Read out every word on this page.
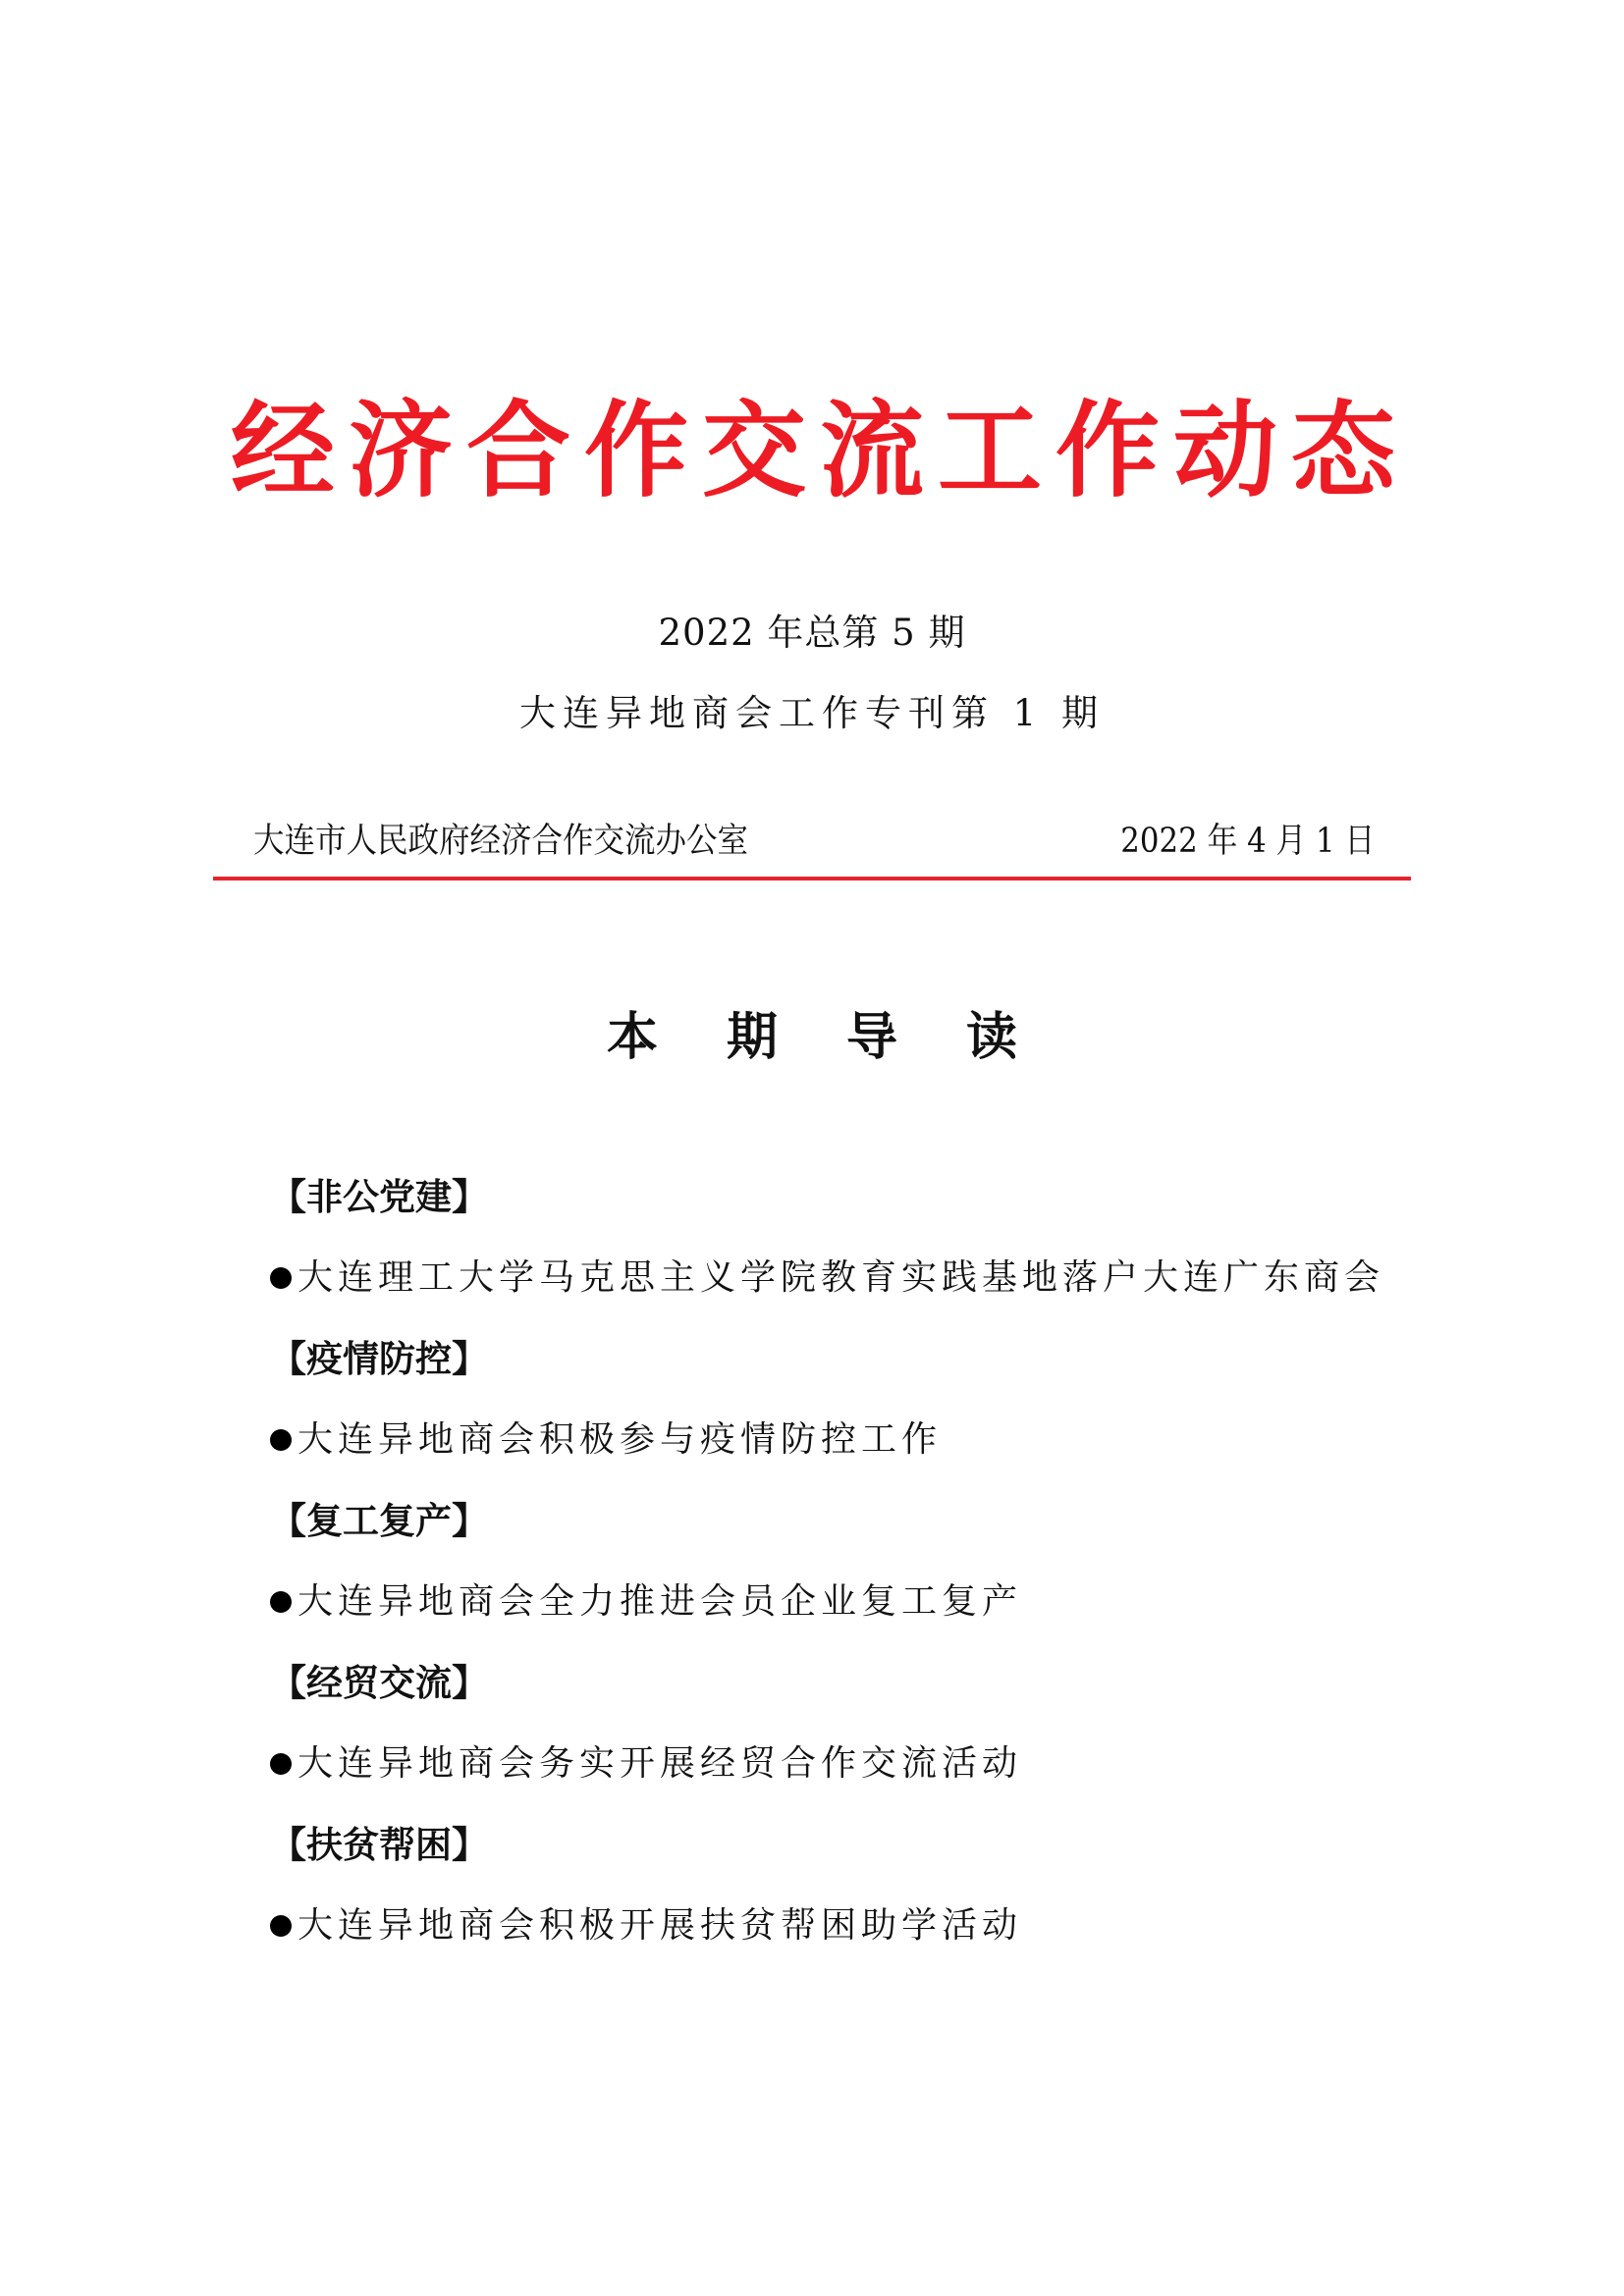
经济合作交流工作动态
2022 年总第 5 期
大连异地商会工作专刊第 1 期
大连市人民政府经济合作交流办公室	2022 年 4 月 1 日
本期导读
【非公党建】
大连理工大学马克思主义学院教育实践基地落户大连广东商会
【疫情防控】
大连异地商会积极参与疫情防控工作
【复工复产】
大连异地商会全力推进会员企业复工复产
【经贸交流】
大连异地商会务实开展经贸合作交流活动
【扶贫帮困】
大连异地商会积极开展扶贫帮困助学活动
